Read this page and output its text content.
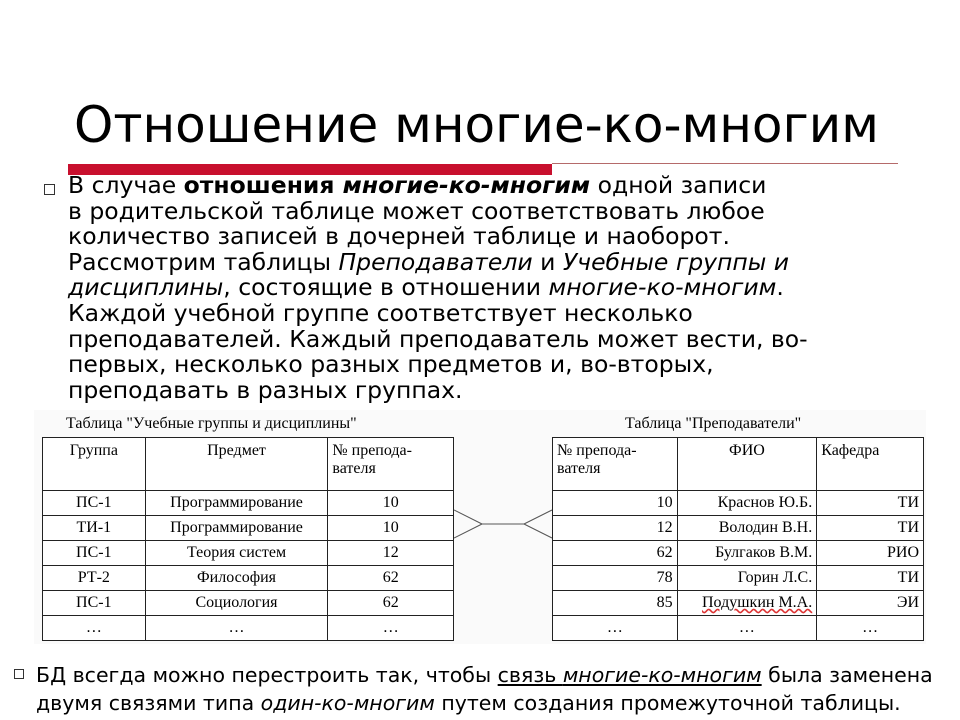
Отношение многие-ко-многим
В случае отношения многие-ко-многим одной записи
в родительской таблице может соответствовать любое
количество записей в дочерней таблице и наоборот.
Рассмотрим таблицы Преподаватели и Учебные группы и
дисциплины, состоящие в отношении многие-ко-многим.
Каждой учебной группе соответствует несколько
преподавателей. Каждый преподаватель может вести, во-
первых, несколько разных предметов и, во-вторых,
преподавать в разных группах.
Таблица "Учебные группы и дисциплины"	Таблица "Преподаватели"
Группа	Предмет	№ препода-
вателя

ПС-1	Программирование	10
ТИ-1	Программирование	10
ПС-1	Теория систем	12
РТ-2	Философия	62
ПС-1	Социология	62
…	…	…
№ препода-
вателя	ФИО	Кафедра
10	Краснов Ю.Б.	ТИ
12	Володин В.Н.	ТИ
62	Булгаков В.М.	РИО
78	Горин Л.С.	ТИ
85	Подушкин М.А.	ЭИ
…	…	…
БД всегда можно перестроить так, чтобы связь многие-ко-многим была заменена
двумя связями типа один-ко-многим путем создания промежуточной таблицы.
